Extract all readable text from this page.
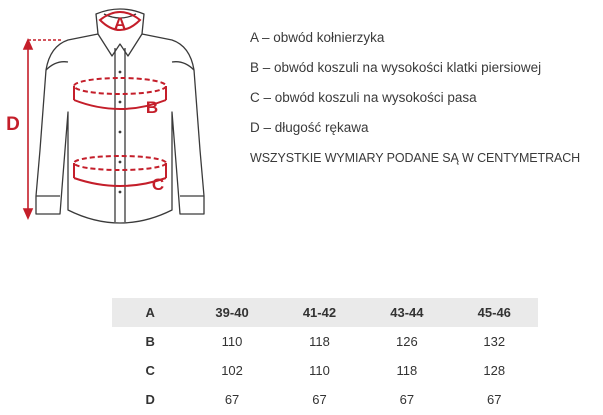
A
B
C
D
A – obwód kołnierzyka
B – obwód koszuli na wysokości klatki piersiowej
C – obwód koszuli na wysokości pasa
D – długość rękawa
WSZYSTKIE WYMIARY PODANE SĄ W CENTYMETRACH
A	39-40	41-42	43-44	45-46
B	110	118	126	132
C	102	110	118	128
D	67	67	67	67
